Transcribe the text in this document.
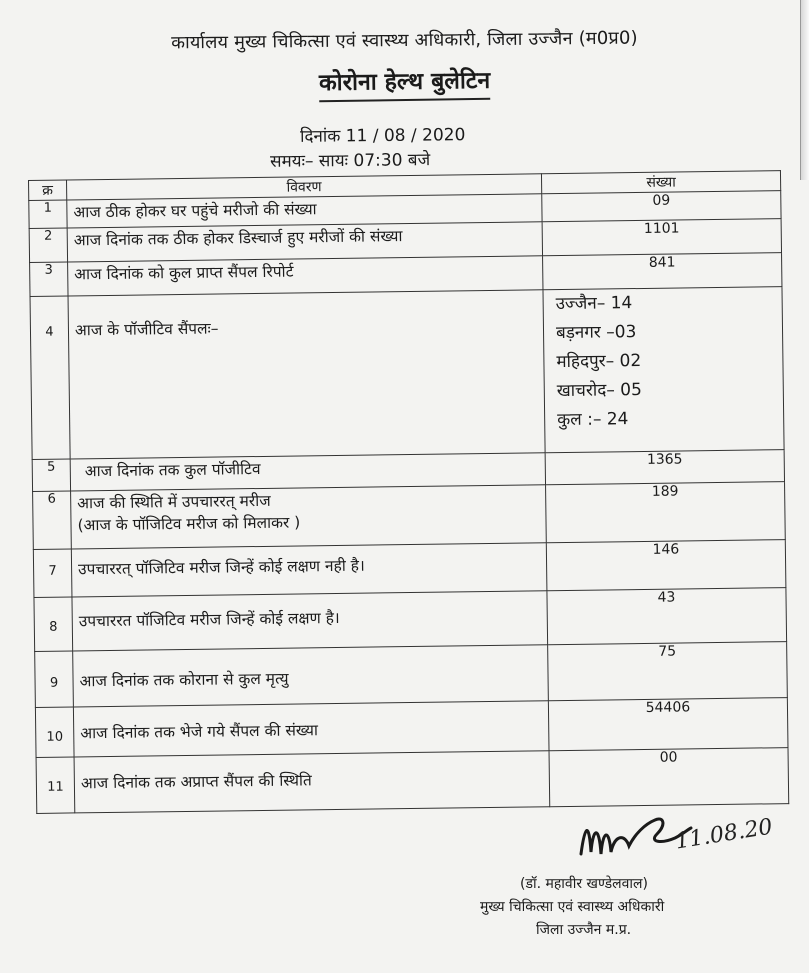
कार्यालय मुख्य चिकित्सा एवं स्वास्थ्य अधिकारी, जिला उज्जैन (म0प्र0)
कोरोना हेल्थ बुलेटिन
दिनांक 11 / 08 / 2020
समयः– सायः 07:30 बजे
क्र	विवरण	संख्या
1	आज ठीक होकर घर पहुंचे मरीजो की संख्या	09
2	आज दिनांक तक ठीक होकर डिस्चार्ज हुए मरीजों की संख्या	1101
3	आज दिनांक को कुल प्राप्त सैंपल रिपोर्ट	841
4	आज के पॉजीटिव सैंपलः–	उज्जैन– 14
बड़नगर –03
महिदपुर– 02
खाचरोद– 05
कुल :– 24

5	आज दिनांक तक कुल पॉजीटिव	1365
6	आज की स्थिति में उपचाररत् मरीज
(आज के पॉजिटिव मरीज को मिलाकर )	189
7	उपचाररत् पॉजिटिव मरीज जिन्हें कोई लक्षण नही है।	146
8	उपचाररत पॉजिटिव मरीज जिन्हें कोई लक्षण है।	43
9	आज दिनांक तक कोराना से कुल मृत्यु	75
10	आज दिनांक तक भेजे गये सैंपल की संख्या	54406
11	आज दिनांक तक अप्राप्त सैंपल की स्थिति	00
11.08.20
(डॉ. महावीर खण्डेलवाल)
मुख्य चिकित्सा एवं स्वास्थ्य अधिकारी
जिला उज्जैन म.प्र.
